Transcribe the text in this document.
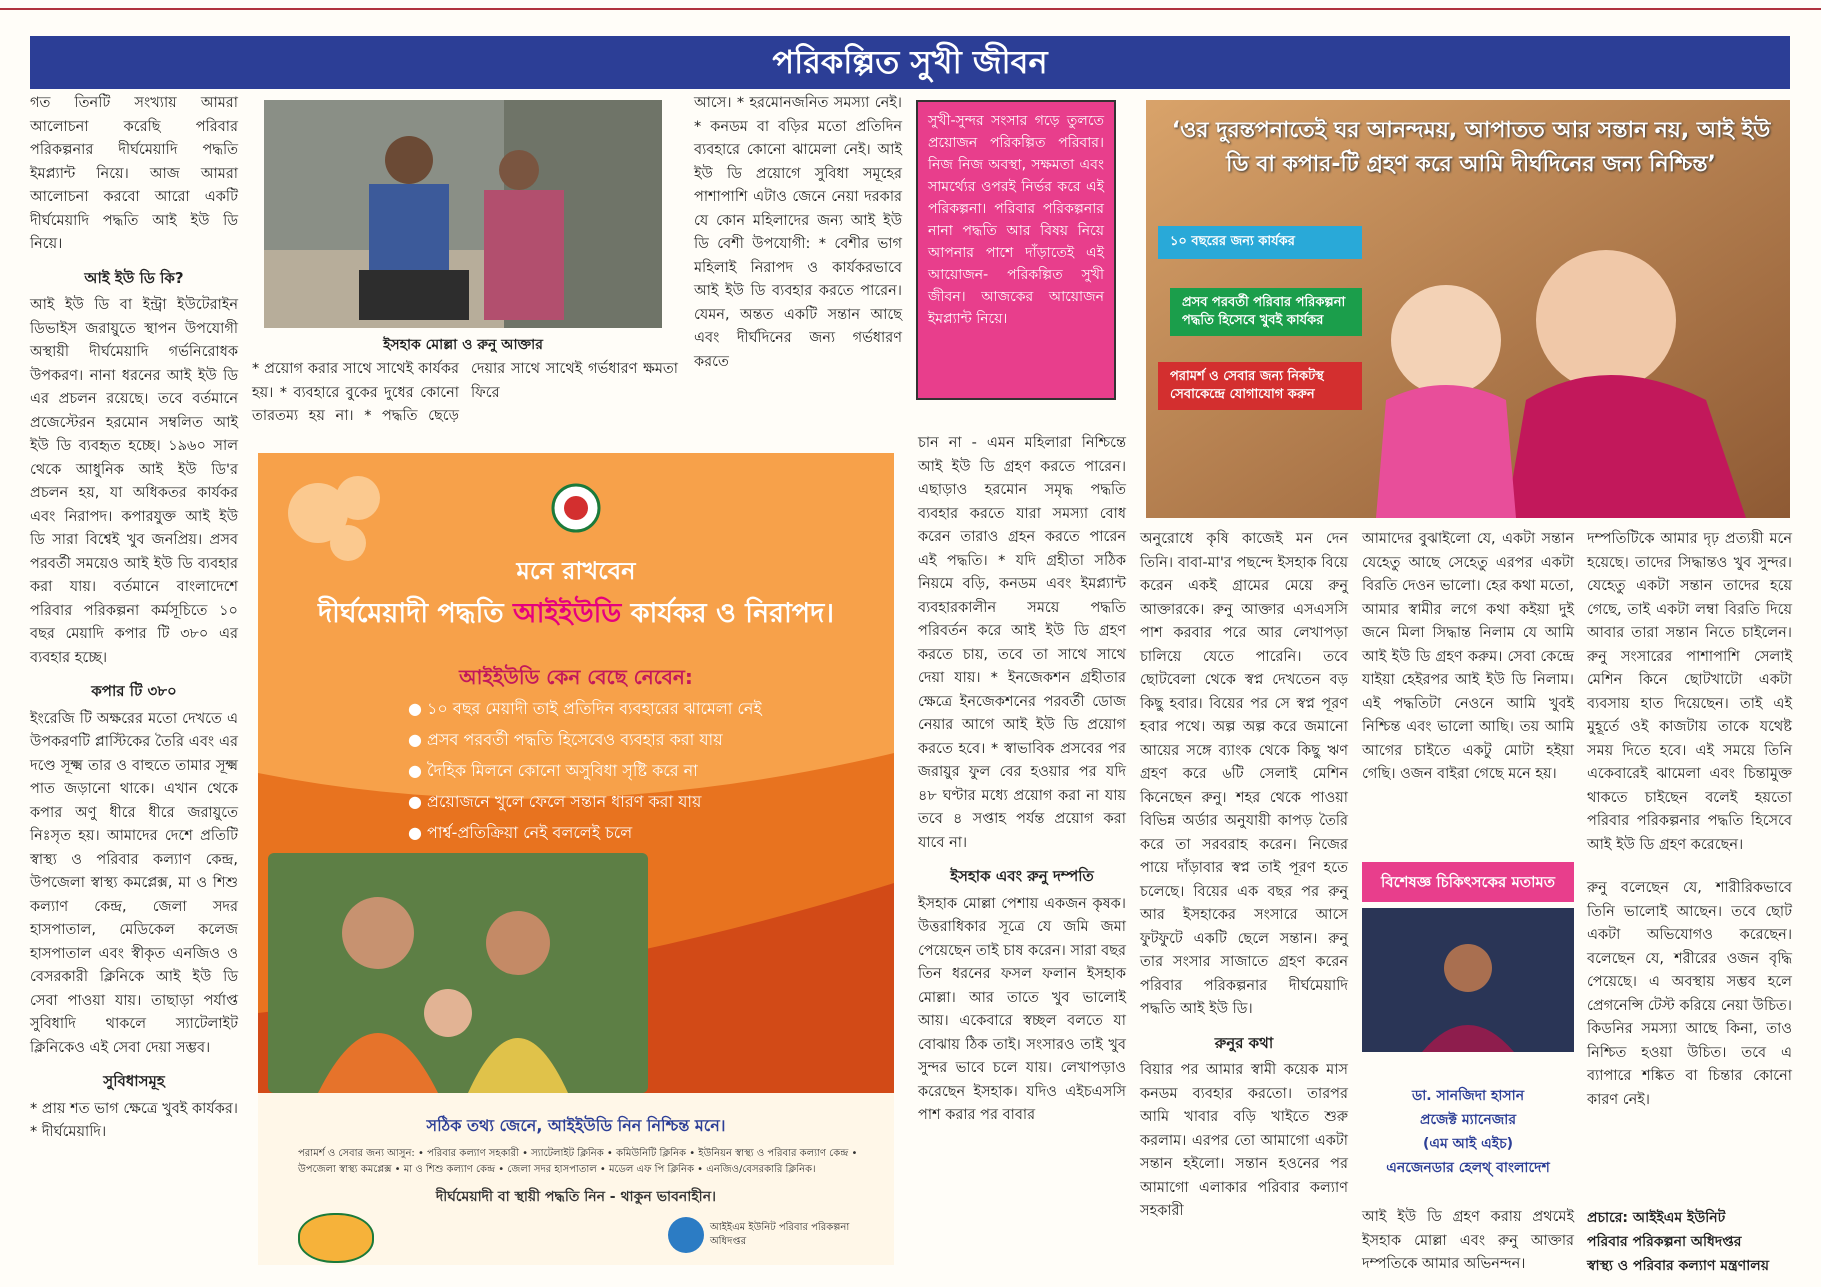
পরিকল্পিত সুখী জীবন

গত তিনটি সংখ্যায় আমরা আলোচনা করেছি পরিবার পরিকল্পনার দীর্ঘমেয়াদি পদ্ধতি ইমপ্ল্যান্ট নিয়ে। আজ আমরা আলোচনা করবো আরো একটি দীর্ঘমেয়াদি পদ্ধতি আই ইউ ডি নিয়ে।

আই ইউ ডি কি?

আই ইউ ডি বা ইন্ট্রা ইউটেরাইন ডিভাইস জরায়ুতে স্থাপন উপযোগী অস্থায়ী দীর্ঘমেয়াদি গর্ভনিরোধক উপকরণ। নানা ধরনের আই ইউ ডি এর প্রচলন রয়েছে। তবে বর্তমানে প্রজেস্টেরন হরমোন সম্বলিত আই ইউ ডি ব্যবহৃত হচ্ছে। ১৯৬০ সাল থেকে আধুনিক আই ইউ ডি'র প্রচলন হয়, যা অধিকতর কার্যকর এবং নিরাপদ। কপারযুক্ত আই ইউ ডি সারা বিশ্বেই খুব জনপ্রিয়। প্রসব পরবর্তী সময়েও আই ইউ ডি ব্যবহার করা যায়। বর্তমানে বাংলাদেশে পরিবার পরিকল্পনা কর্মসূচিতে ১০ বছর মেয়াদি কপার টি ৩৮০ এর ব্যবহার হচ্ছে।

কপার টি ৩৮০

ইংরেজি টি অক্ষরের মতো দেখতে এ উপকরণটি প্লাস্টিকের তৈরি এবং এর দণ্ডে সূক্ষ্ম তার ও বাহুতে তামার সূক্ষ্ম পাত জড়ানো থাকে। এখান থেকে কপার অণু ধীরে ধীরে জরায়ুতে নিঃসৃত হয়। আমাদের দেশে প্রতিটি স্বাস্থ্য ও পরিবার কল্যাণ কেন্দ্র, উপজেলা স্বাস্থ্য কমপ্লেক্স, মা ও শিশু কল্যাণ কেন্দ্র, জেলা সদর হাসপাতাল, মেডিকেল কলেজ হাসপাতাল এবং স্বীকৃত এনজিও ও বেসরকারী ক্লিনিকে আই ইউ ডি সেবা পাওয়া যায়। তাছাড়া পর্যাপ্ত সুবিধাদি থাকলে স্যাটেলাইট ক্লিনিকেও এই সেবা দেয়া সম্ভব।

সুবিধাসমূহ

* প্রায় শত ভাগ ক্ষেত্রে খুবই কার্যকর। * দীর্ঘমেয়াদি।

ইসহাক মোল্লা ও রুনু আক্তার

* প্রয়োগ করার সাথে সাথেই কার্যকর হয়। * ব্যবহারে বুকের দুধের কোনো তারতম্য হয় না। * পদ্ধতি ছেড়ে দেয়ার সাথে সাথেই গর্ভধারণ ক্ষমতা ফিরে

আসে। * হরমোনজনিত সমস্যা নেই। * কনডম বা বড়ির মতো প্রতিদিন ব্যবহারে কোনো ঝামেলা নেই। আই ইউ ডি প্রয়োগে সুবিধা সমূহের পাশাপাশি এটাও জেনে নেয়া দরকার যে কোন মহিলাদের জন্য আই ইউ ডি বেশী উপযোগী: * বেশীর ভাগ মহিলাই নিরাপদ ও কার্যকরভাবে আই ইউ ডি ব্যবহার করতে পারেন। যেমন, অন্তত একটি সন্তান আছে এবং দীর্ঘদিনের জন্য গর্ভধারণ করতে

সুখী-সুন্দর সংসার গড়ে তুলতে প্রয়োজন পরিকল্পিত পরিবার। নিজ নিজ অবস্থা, সক্ষমতা এবং সামর্থ্যের ওপরই নির্ভর করে এই পরিকল্পনা। পরিবার পরিকল্পনার নানা পদ্ধতি আর বিষয় নিয়ে আপনার পাশে দাঁড়াতেই এই আয়োজন- পরিকল্পিত সুখী জীবন। আজকের আয়োজন ইমপ্ল্যান্ট নিয়ে।
‘ওর দুরন্তপনাতেই ঘর আনন্দময়, আপাতত আর সন্তান নয়, আই ইউ ডি বা কপার-টি গ্রহণ করে আমি দীর্ঘদিনের জন্য নিশ্চিন্ত’
১০ বছরের জন্য কার্যকর
প্রসব পরবর্তী পরিবার পরিকল্পনা পদ্ধতি হিসেবে খুবই কার্যকর
পরামর্শ ও সেবার জন্য নিকটস্থ সেবাকেন্দ্রে যোগাযোগ করুন

চান না - এমন মহিলারা নিশ্চিন্তে আই ইউ ডি গ্রহণ করতে পারেন। এছাড়াও হরমোন সমৃদ্ধ পদ্ধতি ব্যবহার করতে যারা সমস্যা বোধ করেন তারাও গ্রহন করতে পারেন এই পদ্ধতি। * যদি গ্রহীতা সঠিক নিয়মে বড়ি, কনডম এবং ইমপ্ল্যান্ট ব্যবহারকালীন সময়ে পদ্ধতি পরিবর্তন করে আই ইউ ডি গ্রহণ করতে চায়, তবে তা সাথে সাথে দেয়া যায়। * ইনজেকশন গ্রহীতার ক্ষেত্রে ইনজেকশনের পরবর্তী ডোজ নেয়ার আগে আই ইউ ডি প্রয়োগ করতে হবে। * স্বাভাবিক প্রসবের পর জরায়ুর ফুল বের হওয়ার পর যদি ৪৮ ঘণ্টার মধ্যে প্রয়োগ করা না যায় তবে ৪ সপ্তাহ পর্যন্ত প্রয়োগ করা যাবে না।

ইসহাক এবং রুনু দম্পতি

ইসহাক মোল্লা পেশায় একজন কৃষক। উত্তরাধিকার সূত্রে যে জমি জমা পেয়েছেন তাই চাষ করেন। সারা বছর তিন ধরনের ফসল ফলান ইসহাক মোল্লা। আর তাতে খুব ভালোই আয়। একেবারে স্বচ্ছল বলতে যা বোঝায় ঠিক তাই। সংসারও তাই খুব সুন্দর ভাবে চলে যায়। লেখাপড়াও করেছেন ইসহাক। যদিও এইচএসসি পাশ করার পর বাবার

অনুরোধে কৃষি কাজেই মন দেন তিনি। বাবা-মা'র পছন্দে ইসহাক বিয়ে করেন একই গ্রামের মেয়ে রুনু আক্তারকে। রুনু আক্তার এসএসসি পাশ করবার পরে আর লেখাপড়া চালিয়ে যেতে পারেনি। তবে ছোটবেলা থেকে স্বপ্ন দেখতেন বড় কিছু হবার। বিয়ের পর সে স্বপ্ন পূরণ হবার পথে। অল্প অল্প করে জমানো আয়ের সঙ্গে ব্যাংক থেকে কিছু ঋণ গ্রহণ করে ৬টি সেলাই মেশিন কিনেছেন রুনু। শহর থেকে পাওয়া বিভিন্ন অর্ডার অনুযায়ী কাপড় তৈরি করে তা সরবরাহ করেন। নিজের পায়ে দাঁড়াবার স্বপ্ন তাই পূরণ হতে চলেছে। বিয়ের এক বছর পর রুনু আর ইসহাকের সংসারে আসে ফুটফুটে একটি ছেলে সন্তান। রুনু তার সংসার সাজাতে গ্রহণ করেন পরিবার পরিকল্পনার দীর্ঘমেয়াদি পদ্ধতি আই ইউ ডি।

রুনুর কথা

বিয়ার পর আমার স্বামী কয়েক মাস কনডম ব্যবহার করতো। তারপর আমি খাবার বড়ি খাইতে শুরু করলাম। এরপর তো আমাগো একটা সন্তান হইলো। সন্তান হওনের পর আমাগো এলাকার পরিবার কল্যাণ সহকারী

আমাদের বুঝাইলো যে, একটা সন্তান যেহেতু আছে সেহেতু এরপর একটা বিরতি দেওন ভালো। হের কথা মতো, আমার স্বামীর লগে কথা কইয়া দুই জনে মিলা সিদ্ধান্ত নিলাম যে আমি আই ইউ ডি গ্রহণ করুম। সেবা কেন্দ্রে যাইয়া হেইরপর আই ইউ ডি নিলাম। এই পদ্ধতিটা নেওনে আমি খুবই নিশ্চিন্ত এবং ভালো আছি। তয় আমি আগের চাইতে একটু মোটা হইয়া গেছি। ওজন বাইরা গেছে মনে হয়।

বিশেষজ্ঞ চিকিৎসকের মতামত
ডা. সানজিদা হাসান
প্রজেক্ট ম্যানেজার
(এম আই এইচ)
এনজেনডার হেলথ্ বাংলাদেশ

আই ইউ ডি গ্রহণ করায় প্রথমেই ইসহাক মোল্লা এবং রুনু আক্তার দম্পতিকে আমার অভিনন্দন।

দম্পতিটিকে আমার দৃঢ় প্রত্যয়ী মনে হয়েছে। তাদের সিদ্ধান্তও খুব সুন্দর। যেহেতু একটা সন্তান তাদের হয়ে গেছে, তাই একটা লম্বা বিরতি দিয়ে আবার তারা সন্তান নিতে চাইলেন। রুনু সংসারের পাশাপাশি সেলাই মেশিন কিনে ছোটখাটো একটা ব্যবসায় হাত দিয়েছেন। তাই এই মুহূর্তে ওই কাজটায় তাকে যথেষ্ট সময় দিতে হবে। এই সময়ে তিনি একেবারেই ঝামেলা এবং চিন্তামুক্ত থাকতে চাইছেন বলেই হয়তো পরিবার পরিকল্পনার পদ্ধতি হিসেবে আই ইউ ডি গ্রহণ করেছেন।

রুনু বলেছেন যে, শারীরিকভাবে তিনি ভালোই আছেন। তবে ছোট একটা অভিযোগও করেছেন। বলেছেন যে, শরীরের ওজন বৃদ্ধি পেয়েছে। এ অবস্থায় সম্ভব হলে প্রেগনেন্সি টেস্ট করিয়ে নেয়া উচিত। কিডনির সমস্যা আছে কিনা, তাও নিশ্চিত হওয়া উচিত। তবে এ ব্যাপারে শঙ্কিত বা চিন্তার কোনো কারণ নেই।

প্রচারে: আইইএম ইউনিট
পরিবার পরিকল্পনা অধিদপ্তর
স্বাস্থ্য ও পরিবার কল্যাণ মন্ত্রণালয়
মনে রাখবেন
দীর্ঘমেয়াদী পদ্ধতি আইইউডি কার্যকর ও নিরাপদ।
আইইউডি কেন বেছে নেবেন:
● ১০ বছর মেয়াদী তাই প্রতিদিন ব্যবহারের ঝামেলা নেই
● প্রসব পরবর্তী পদ্ধতি হিসেবেও ব্যবহার করা যায়
● দৈহিক মিলনে কোনো অসুবিধা সৃষ্টি করে না
● প্রয়োজনে খুলে ফেলে সন্তান ধারণ করা যায়
● পার্শ্ব-প্রতিক্রিয়া নেই বললেই চলে
সঠিক তথ্য জেনে, আইইউডি নিন নিশ্চিন্ত মনে।
পরামর্শ ও সেবার জন্য আসুন: • পরিবার কল্যাণ সহকারী • স্যাটেলাইট ক্লিনিক • কমিউনিটি ক্লিনিক • ইউনিয়ন স্বাস্থ্য ও পরিবার কল্যাণ কেন্দ্র • উপজেলা স্বাস্থ্য কমপ্লেক্স • মা ও শিশু কল্যাণ কেন্দ্র • জেলা সদর হাসপাতাল • মডেল এফ পি ক্লিনিক • এনজিও/বেসরকারি ক্লিনিক।
দীর্ঘমেয়াদী বা স্থায়ী পদ্ধতি নিন - থাকুন ভাবনাহীন।
আইইএম ইউনিট পরিবার পরিকল্পনা অধিদপ্তর
